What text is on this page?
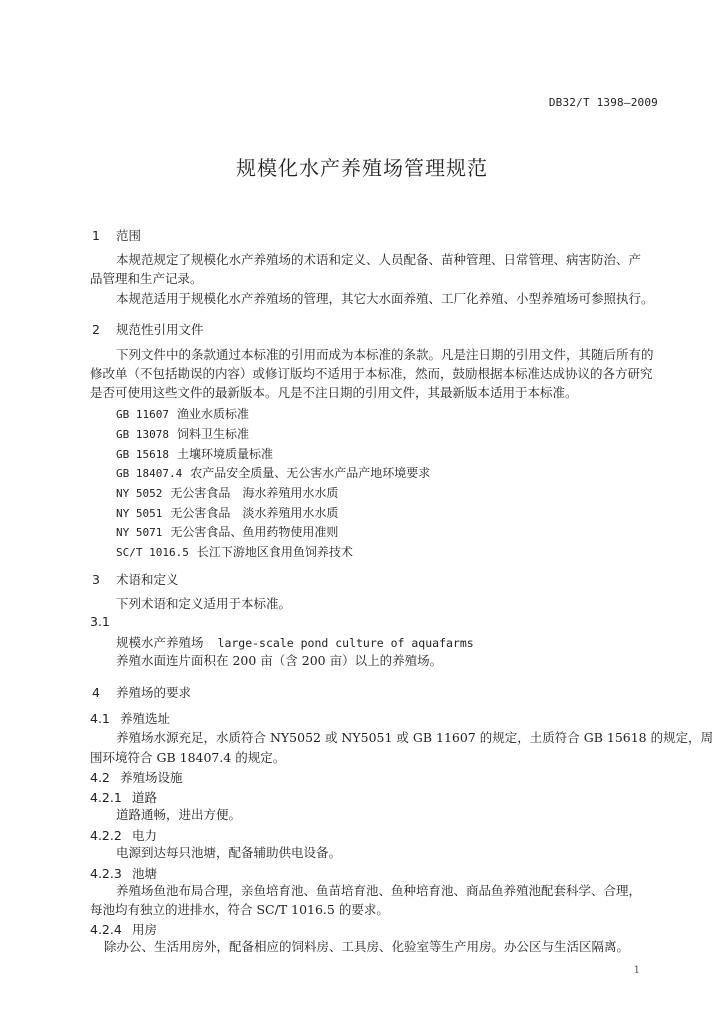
DB32/T 1398—2009
规模化水产养殖场管理规范
1 范围
本规范规定了规模化水产养殖场的术语和定义、人员配备、苗种管理、日常管理、病害防治、产
品管理和生产记录。
本规范适用于规模化水产养殖场的管理，其它大水面养殖、工厂化养殖、小型养殖场可参照执行。
2 规范性引用文件
下列文件中的条款通过本标准的引用而成为本标准的条款。凡是注日期的引用文件，其随后所有的
修改单（不包括勘误的内容）或修订版均不适用于本标准，然而，鼓励根据本标准达成协议的各方研究
是否可使用这些文件的最新版本。凡是不注日期的引用文件，其最新版本适用于本标准。
GB 11607 渔业水质标准
GB 13078 饲料卫生标准
GB 15618 土壤环境质量标准
GB 18407.4 农产品安全质量、无公害水产品产地环境要求
NY 5052 无公害食品　海水养殖用水水质
NY 5051 无公害食品　淡水养殖用水水质
NY 5071 无公害食品、鱼用药物使用准则
SC/T 1016.5 长江下游地区食用鱼饲养技术
3 术语和定义
下列术语和定义适用于本标准。
3.1
规模水产养殖场 large-scale pond culture of aquafarms
养殖水面连片面积在 200 亩（含 200 亩）以上的养殖场。
4 养殖场的要求
4.1 养殖选址
养殖场水源充足，水质符合 NY5052 或 NY5051 或 GB 11607 的规定，土质符合 GB 15618 的规定，周
围环境符合 GB 18407.4 的规定。
4.2 养殖场设施
4.2.1 道路
道路通畅，进出方便。
4.2.2 电力
电源到达每只池塘，配备辅助供电设备。
4.2.3 池塘
养殖场鱼池布局合理，亲鱼培育池、鱼苗培育池、鱼种培育池、商品鱼养殖池配套科学、合理，
每池均有独立的进排水，符合 SC/T 1016.5 的要求。
4.2.4 用房
除办公、生活用房外，配备相应的饲料房、工具房、化验室等生产用房。办公区与生活区隔离。
1
